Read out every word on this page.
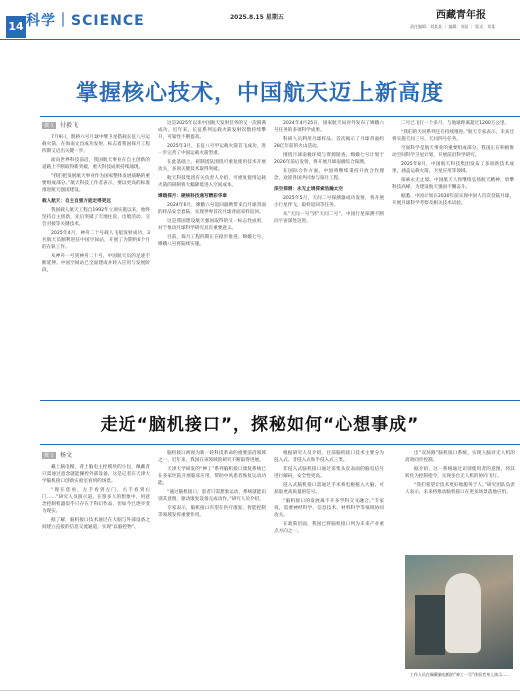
14 科学｜SCIENCE	2025.8.15 星期五	西藏青年报
责任编辑：刘某某 ｜ 编辑：刘某 ｜ 版式：刘某
掌握核心技术，中国航天迈上新高度
撰文 付毅飞

7月9日，鹊桥六号月球中继卫星搭载长征八号运载火箭，在海南文昌成功发射，标志着我国探月工程四期又迈出关键一步。

面向世界科技前沿，我国航天事业在自主创新的道路上不断取得新突破，重大科技成果持续涌现。

“我们把发展航天事业作为国家整体发展战略的重要组成部分。”航天科技工作者表示，要以更高的标准推进航天强国建设。

载人航天：自主自强方能走得更远

我国载人航天工程自1992年立项实施以来，始终坚持自主创新，先后突破了天地往返、出舱活动、交会对接等关键技术。

2025年4月，神舟二十号载人飞船发射成功，3名航天员顺利进驻中国空间站，开展了为期约6个月的在轨工作。

从神舟一号到神舟二十号，中国航天员的足迹不断延伸。中国空间站已全面建成并转入应用与发展阶段。

这是2025年以来中国航天发射任务的又一次圆满成功。近年来，长征系列运载火箭发射次数持续攀升，可靠性不断提高。

2025年3月，长征八号甲运载火箭首飞成功，进一步完善了中国运载火箭型谱。

在此基础上，研制团队围绕可重复使用技术开展攻关，多项关键技术取得突破。

航天科技集团有关负责人介绍，可重复使用运载火箭的研制将大幅降低进入空间成本。

嫦娥探月：硬核科技通写精彩华章

2024年6月，嫦娥六号返回器携带来自月球背面的样品安全着陆，实现世界首次月球背面采样返回。

这是我国建设航天强国取得的又一标志性成果，对于推动月球科学研究具有重要意义。

目前，探月工程四期正在稳步推进，嫦娥七号、嫦娥八号将陆续实施。

2024年4月25日，国家航天局对外发布了嫦娥六号任务的多项科学成果。

科研人员利用月球样品，首次揭示了月球背面约28亿年前的火山活动。

围绕月球南极环境与资源勘查，嫦娥七号计划于2026年前后发射，将开展月球南极综合探测。

在国际合作方面，中国将继续秉持开放合作理念，欢迎各国共同参与探月工程。

深空探测：永无止境探索浩瀚太空

2025年5月，天问二号探测器成功发射，将开展小行星伴飞、取样返回等任务。

从“天问一号”到“天问二号”，中国行星探测不断向宇宙深处迈进。

二号已飞行一个多月，与地球距离超过1200万公里。

“我们的天问系列还在持续推进。”航天专家表示，未来还将实施天问三号、天问四号任务。

空间科学是航天事业的重要组成部分。我国正在积极推动空间科学卫星计划，开展前沿科学研究。

2025年8月，中国航天科技集团发布了多项新技术成果，涵盖运载火箭、卫星应用等领域。

探索永无止境。中国航天人将继续弘扬航天精神，勇攀科技高峰，为建设航天强国不懈奋斗。

据悉，中国计划在2030年前实现中国人首次登陆月球，开展月球科学考察及相关技术试验。

走近“脑机接口”，探秘如何“心想事成”
撰文 杨文

戴上脑电帽，背上脑电主控模块的小包，佩戴者只需通过意念就能操控外部设备。这是记者在天津大学脑机接口创新实验室看到的场景。

“现在您看，左手看到左门，右手看到右门……”研究人员演示道。在很多人的想象中，用意念控制机器似乎只存在于科幻作品，但如今已逐步变为现实。

据了解，脑机接口技术通过在大脑与外部设备之间建立直接的信息交流通道，实现“以脑控物”。

脑机接口被视为新一轮科技革命的重要前沿领域之一。近年来，我国在该领域的研究不断取得进展。

天津大学研发的“神工”系列脑机接口康复系统已在多家医院开展临床应用，帮助中风患者恢复运动功能。

“通过脑机接口，患者只需想象运动，系统就能识别其意图，驱动康复设备完成动作。”研究人员介绍。

专家表示，脑机接口有望在医疗康复、智能控制等领域发挥重要作用。

根据研究人员介绍，目前脑机接口技术主要分为侵入式、非侵入式和半侵入式三类。

非侵入式脑机接口通过采集头皮表面的脑电信号进行解码，安全性更高。

侵入式脑机接口需通过手术将电极植入大脑，可获取更高质量的信号。

“脑机接口的发展离不开多学科交叉融合。”专家说，需要神经科学、信息技术、材料科学等领域协同攻关。

在政策层面，我国已将脑机接口列为未来产业重点方向之一。

出“双环路”脑机接口系统，实现人脑对无人机的高效同步控制。

据介绍，这一系统通过识别使用者的意图，将其转化为控制指令，实现多台无人机的协同飞行。

“我们希望让技术更好地服务于人。”研究团队负责人表示，未来将推动脑机接口在更多场景落地应用。

工作人员在佩戴脑电帽的“神工一号”体验者身上演示……
